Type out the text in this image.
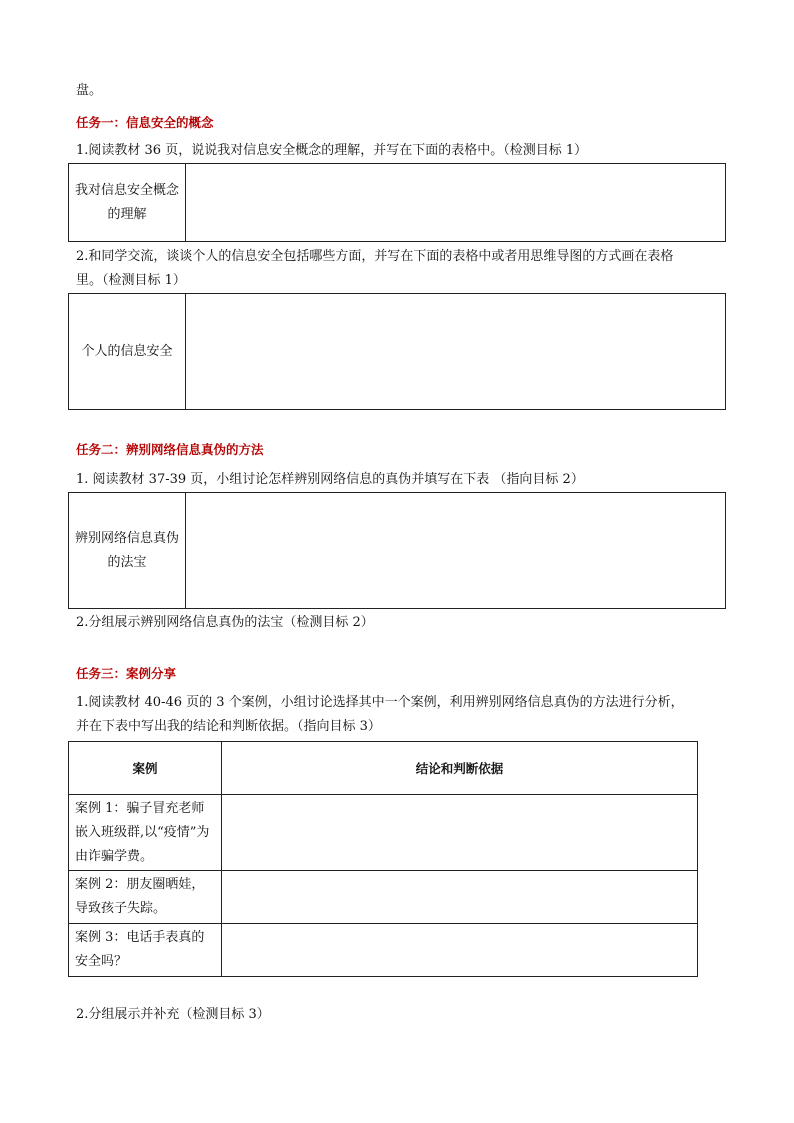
盘。
任务一：信息安全的概念
1.阅读教材 36 页，说说我对信息安全概念的理解，并写在下面的表格中。（检测目标 1）
我对信息安全概念的理解
2.和同学交流，谈谈个人的信息安全包括哪些方面，并写在下面的表格中或者用思维导图的方式画在表格
里。（检测目标 1）
个人的信息安全
任务二：辨别网络信息真伪的方法
1. 阅读教材 37-39 页，小组讨论怎样辨别网络信息的真伪并填写在下表 （指向目标 2）
辨别网络信息真伪的法宝
2.分组展示辨别网络信息真伪的法宝（检测目标 2）
任务三：案例分享
1.阅读教材 40-46 页的 3 个案例，小组讨论选择其中一个案例，利用辨别网络信息真伪的方法进行分析，
并在下表中写出我的结论和判断依据。（指向目标 3）
案例	结论和判断依据
案例 1：骗子冒充老师嵌入班级群,以“疫情”为由诈骗学费。	
案例 2：朋友圈晒娃，导致孩子失踪。	
案例 3：电话手表真的安全吗？	
2.分组展示并补充（检测目标 3）
